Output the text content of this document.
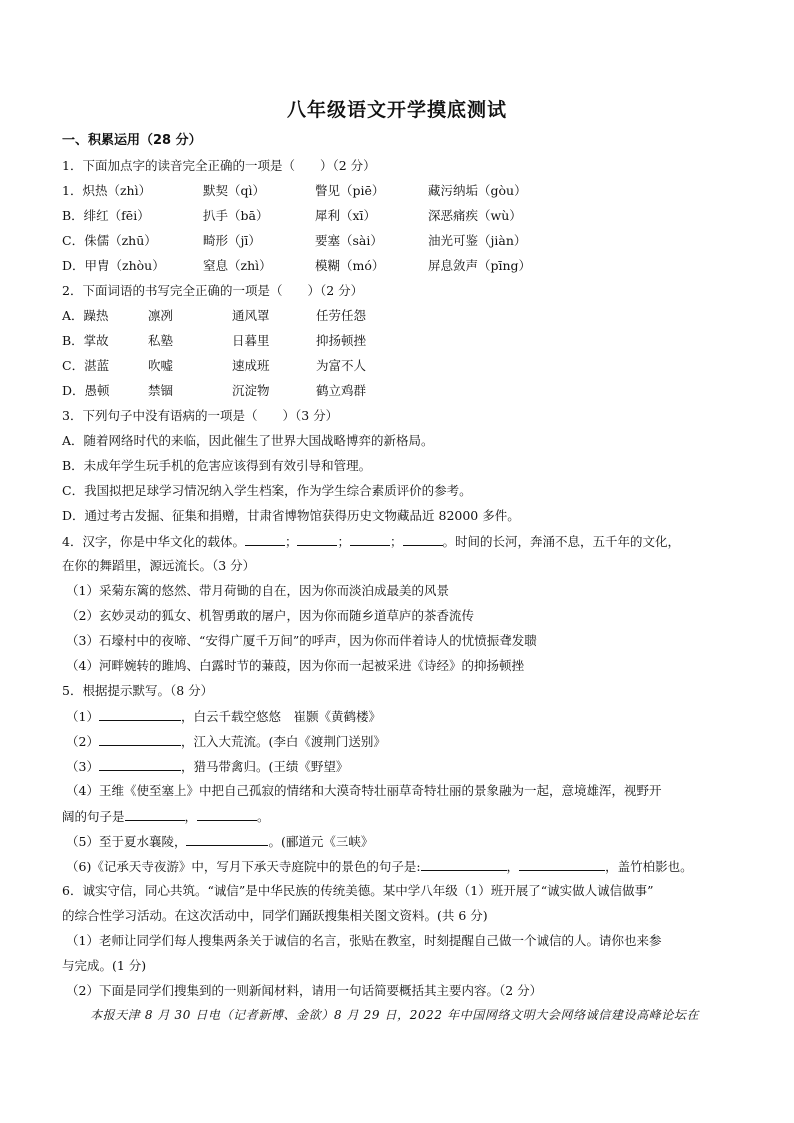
八年级语文开学摸底测试
一、积累运用（28 分）
1．下面加点字的读音完全正确的一项是（　　）（2 分）
1．炽热（zhì）	默契（qì）	瞥见（piē）	藏污纳垢（gòu）
B．绯红（fēi）	扒手（bā）	犀利（xī）	深恶痛疾（wù）
C．侏儒（zhū）	畸形（jī）	要塞（sài）	油光可鉴（jiàn）
D．甲胄（zhòu）	窒息（zhì）	模糊（mó）	屏息敛声（pīng）
2．下面词语的书写完全正确的一项是（　　）（2 分）
A．躁热	凛冽	通风罩	任劳任怨
B．掌故	私塾	日暮里	抑扬顿挫
C．湛蓝	吹嘘	速成班	为富不人
D．愚顿	禁锢	沉淀物	鹤立鸡群
3．下列句子中没有语病的一项是（　　）（3 分）
A．随着网络时代的来临，因此催生了世界大国战略博弈的新格局。
B．未成年学生玩手机的危害应该得到有效引导和管理。
C．我国拟把足球学习情况纳入学生档案，作为学生综合素质评价的参考。
D．通过考古发掘、征集和捐赠，甘肃省博物馆获得历史文物藏品近 82000 多件。
4．汉字，你是中华文化的载体。	；	；	；	。时间的长河，奔涌不息，五千年的文化，
在你的舞蹈里，源远流长。（3 分）
（1）采菊东篱的悠然、带月荷锄的自在，因为你而淡泊成最美的风景
（2）玄妙灵动的狐女、机智勇敢的屠户，因为你而随乡道草庐的茶香流传
（3）石壕村中的夜啼、“安得广厦千万间”的呼声，因为你而伴着诗人的忧愤振聋发聩
（4）河畔婉转的雎鸠、白露时节的蒹葭，因为你而一起被采进《诗经》的抑扬顿挫
5．根据提示默写。（8 分）
（1）	，白云千载空悠悠　崔颢《黄鹤楼》
（2）	，江入大荒流。(李白《渡荆门送别》
（3）	，猎马带禽归。(王绩《野望》
（4）王维《使至塞上》中把自己孤寂的情绪和大漠奇特壮丽草奇特壮丽的景象融为一起，意境雄浑，视野开
阔的句子是	，	。
（5）至于夏水襄陵，	。(郦道元《三峡》
（6)《记承天寺夜游》中，写月下承天寺庭院中的景色的句子是:	，	，盖竹柏影也。
6．诚实守信，同心共筑。“诚信”是中华民族的传统美德。某中学八年级（1）班开展了“诚实做人诚信做事”
的综合性学习活动。在这次活动中，同学们踊跃搜集相关图文资料。(共 6 分)
（1）老师让同学们每人搜集两条关于诚信的名言，张贴在教室，时刻提醒自己做一个诚信的人。请你也来参
与完成。(1 分)
（2）下面是同学们搜集到的一则新闻材料，请用一句话简要概括其主要内容。（2 分）
本报天津 8 月 30 日电（记者新博、金欲）8 月 29 日，2022 年中国网络文明大会网络诚信建设高峰论坛在
